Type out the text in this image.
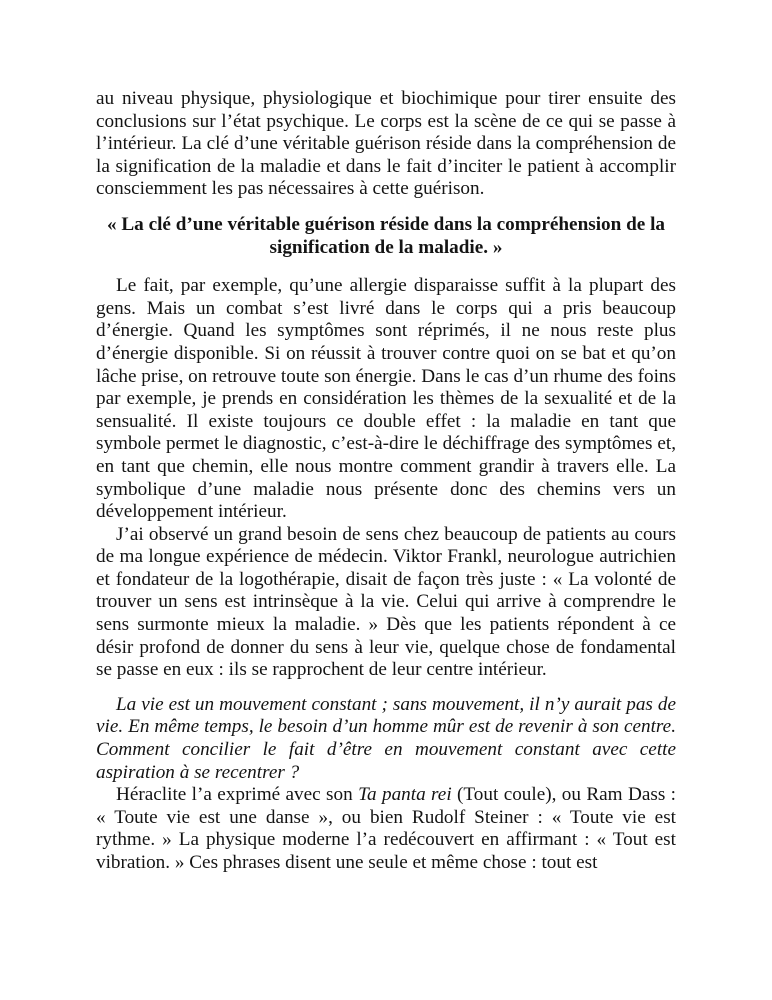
au niveau physique, physiologique et biochimique pour tirer ensuite des conclusions sur l’état psychique. Le corps est la scène de ce qui se passe à l’intérieur. La clé d’une véritable guérison réside dans la compréhension de la signification de la maladie et dans le fait d’inciter le patient à accomplir consciemment les pas nécessaires à cette guérison.

« La clé d’une véritable guérison réside dans la compréhension de la signification de la maladie. »

Le fait, par exemple, qu’une allergie disparaisse suffit à la plupart des gens. Mais un combat s’est livré dans le corps qui a pris beaucoup d’énergie. Quand les symptômes sont réprimés, il ne nous reste plus d’énergie disponible. Si on réussit à trouver contre quoi on se bat et qu’on lâche prise, on retrouve toute son énergie. Dans le cas d’un rhume des foins par exemple, je prends en considération les thèmes de la sexualité et de la sensualité. Il existe toujours ce double effet : la maladie en tant que symbole permet le diagnostic, c’est-à-dire le déchiffrage des symptômes et, en tant que chemin, elle nous montre comment grandir à travers elle. La symbolique d’une maladie nous présente donc des chemins vers un développement intérieur.

J’ai observé un grand besoin de sens chez beaucoup de patients au cours de ma longue expérience de médecin. Viktor Frankl, neurologue autrichien et fondateur de la logothérapie, disait de façon très juste : « La volonté de trouver un sens est intrinsèque à la vie. Celui qui arrive à comprendre le sens surmonte mieux la maladie. » Dès que les patients répondent à ce désir profond de donner du sens à leur vie, quelque chose de fondamental se passe en eux : ils se rapprochent de leur centre intérieur.

La vie est un mouvement constant ; sans mouvement, il n’y aurait pas de vie. En même temps, le besoin d’un homme mûr est de revenir à son centre. Comment concilier le fait d’être en mouvement constant avec cette aspiration à se recentrer ?

Héraclite l’a exprimé avec son Ta panta rei (Tout coule), ou Ram Dass : « Toute vie est une danse », ou bien Rudolf Steiner : « Toute vie est rythme. » La physique moderne l’a redécouvert en affirmant : « Tout est vibration. » Ces phrases disent une seule et même chose : tout est
